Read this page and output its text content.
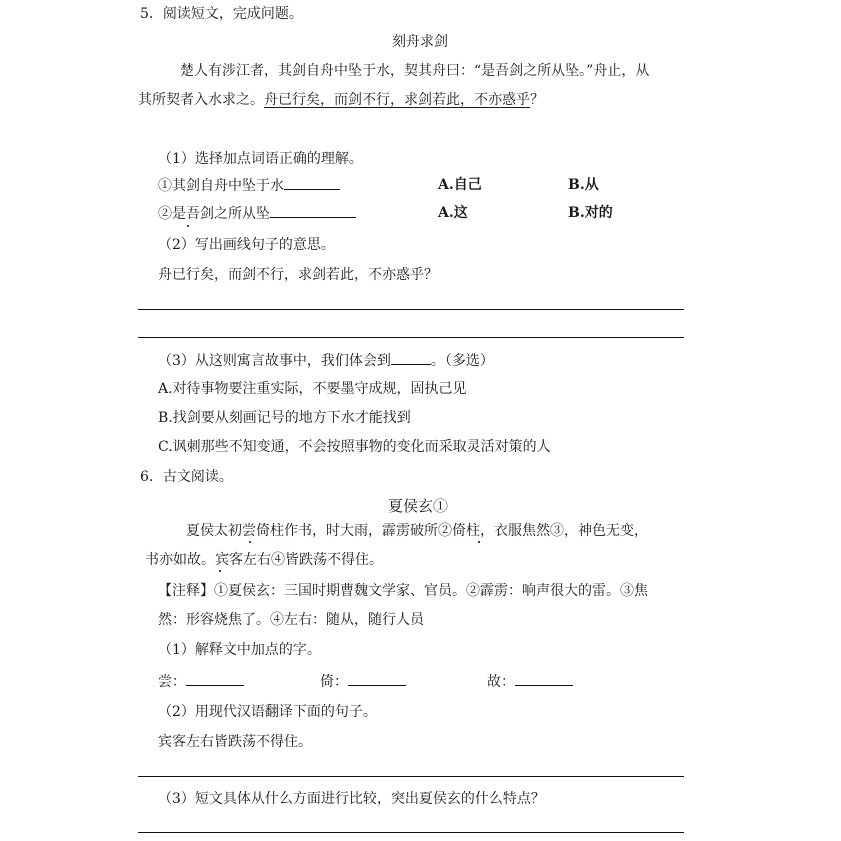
5．阅读短文，完成问题。
刻舟求剑
楚人有涉江者，其剑自舟中坠于水，契其舟曰：“是吾剑之所从坠。”舟止，从
其所契者入水求之。舟已行矣，而剑不行，求剑若此，不亦惑乎？
（1）选择加点词语正确的理解。
①其剑自舟中坠于水	A.自己	B.从
②是吾剑之所从坠	A.这	B.对的
（2）写出画线句子的意思。
舟已行矣，而剑不行，求剑若此，不亦惑乎？
（3）从这则寓言故事中，我们体会到	。（多选）
A.对待事物要注重实际，不要墨守成规，固执己见
B.找剑要从刻画记号的地方下水才能找到
C.讽刺那些不知变通，不会按照事物的变化而采取灵活对策的人
6．古文阅读。
夏侯玄①
夏侯太初尝倚柱作书，时大雨，霹雳破所②倚柱，衣服焦然③，神色无变，
书亦如故。宾客左右④皆跌荡不得住。
【注释】①夏侯玄：三国时期曹魏文学家、官员。②霹雳：响声很大的雷。③焦
然：形容烧焦了。④左右：随从，随行人员
（1）解释文中加点的字。
尝：	倚：	故：
（2）用现代汉语翻译下面的句子。
宾客左右皆跌荡不得住。
（3）短文具体从什么方面进行比较，突出夏侯玄的什么特点？
